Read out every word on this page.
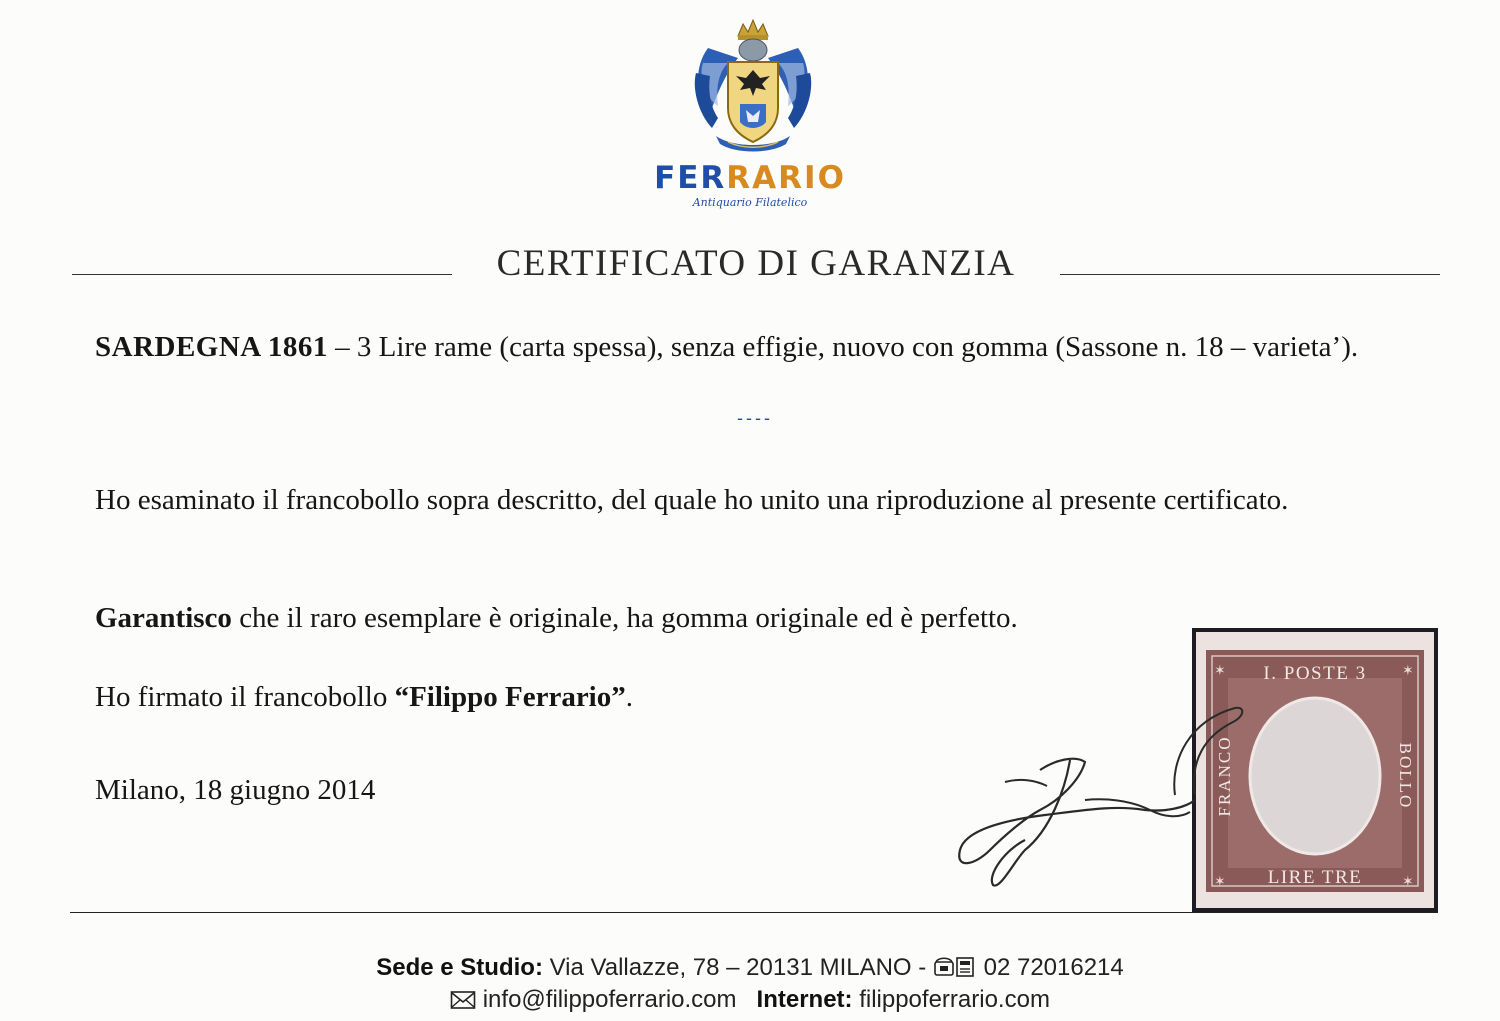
FERRARIO
Antiquario Filatelico
CERTIFICATO DI GARANZIA
SARDEGNA 1861 – 3 Lire rame (carta spessa), senza effigie, nuovo con gomma (Sassone n. 18 – varieta’).
----
Ho esaminato il francobollo sopra descritto, del quale ho unito una riproduzione al presente certificato.
Garantisco che il raro esemplare è originale, ha gomma originale ed è perfetto.
Ho firmato il francobollo “Filippo Ferrario”.
Milano, 18 giugno 2014
✶	✶
✶	✶
I. POSTE 3
LIRE TRE
FRANCO	BOLLO
Sede e Studio: Via Vallazze, 78 – 20131 MILANO -  02 72016214
info@filippoferrario.com Internet: filippoferrario.com
